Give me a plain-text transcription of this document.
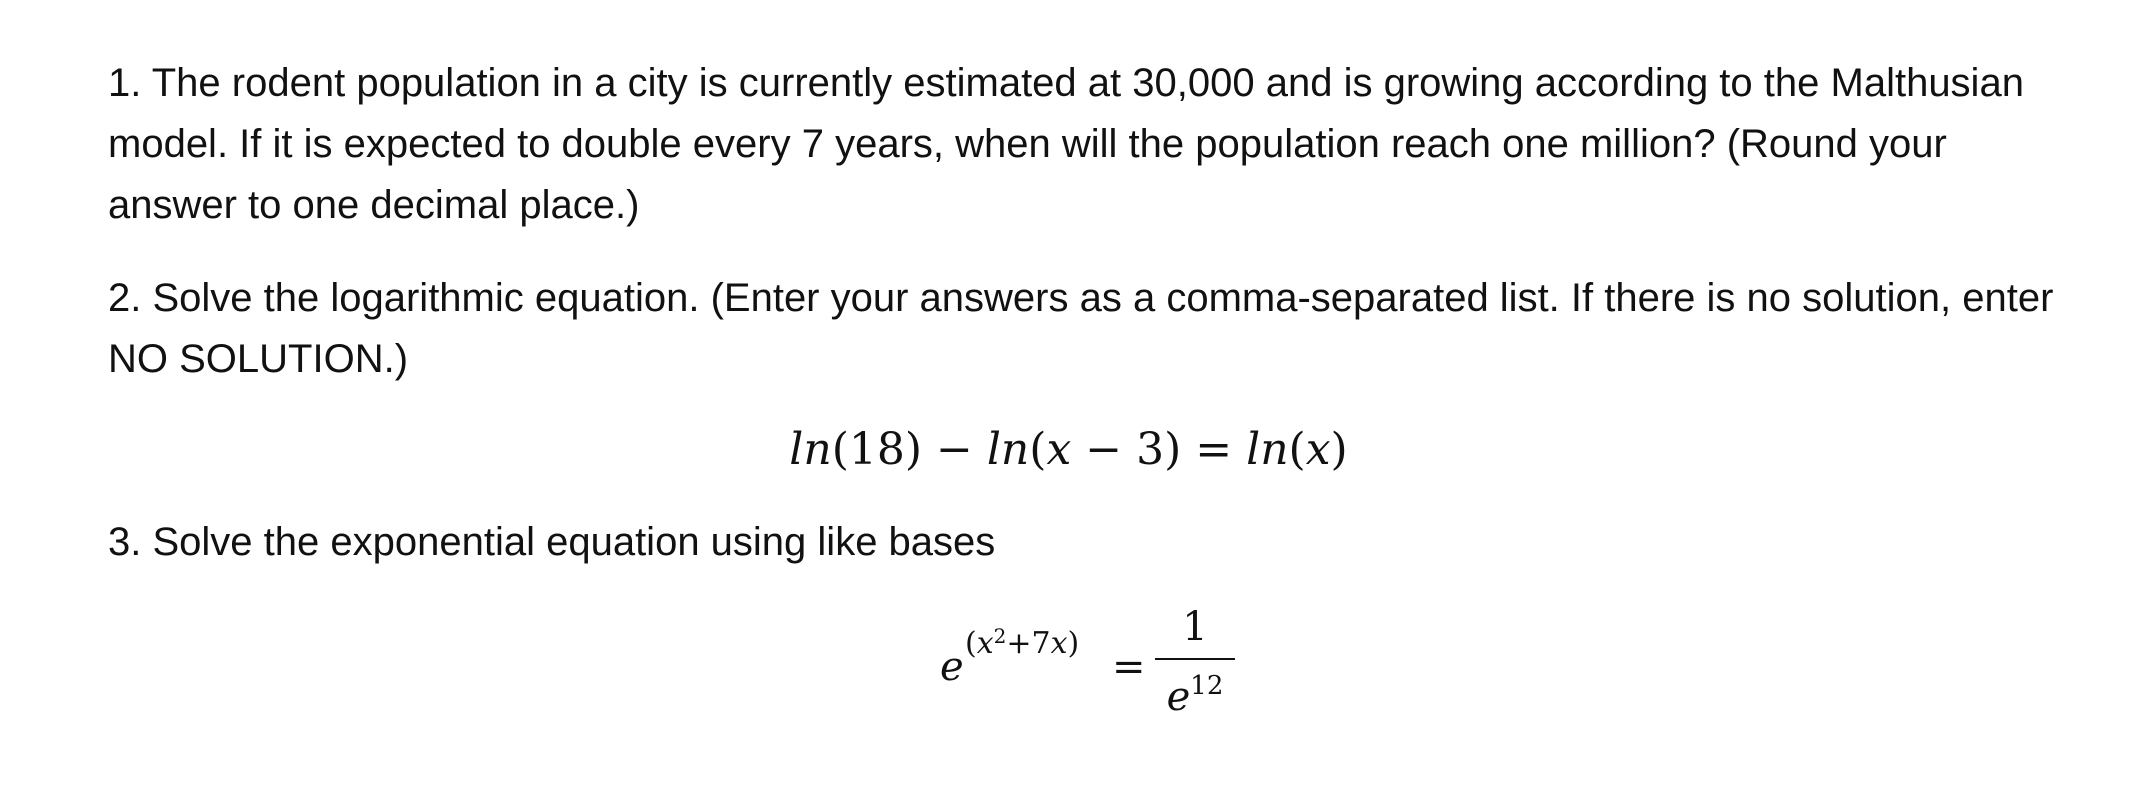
1. The rodent population in a city is currently estimated at 30,000 and is growing according to the Malthusian model. If it is expected to double every 7 years, when will the population reach one million? (Round your answer to one decimal place.)

2. Solve the logarithmic equation. (Enter your answers as a comma-separated list. If there is no solution, enter NO SOLUTION.)

ln(18) − ln(x − 3) = ln(x)

3. Solve the exponential equation using like bases

e
$(x^2+7x)$
=
1
$e^{12}$
